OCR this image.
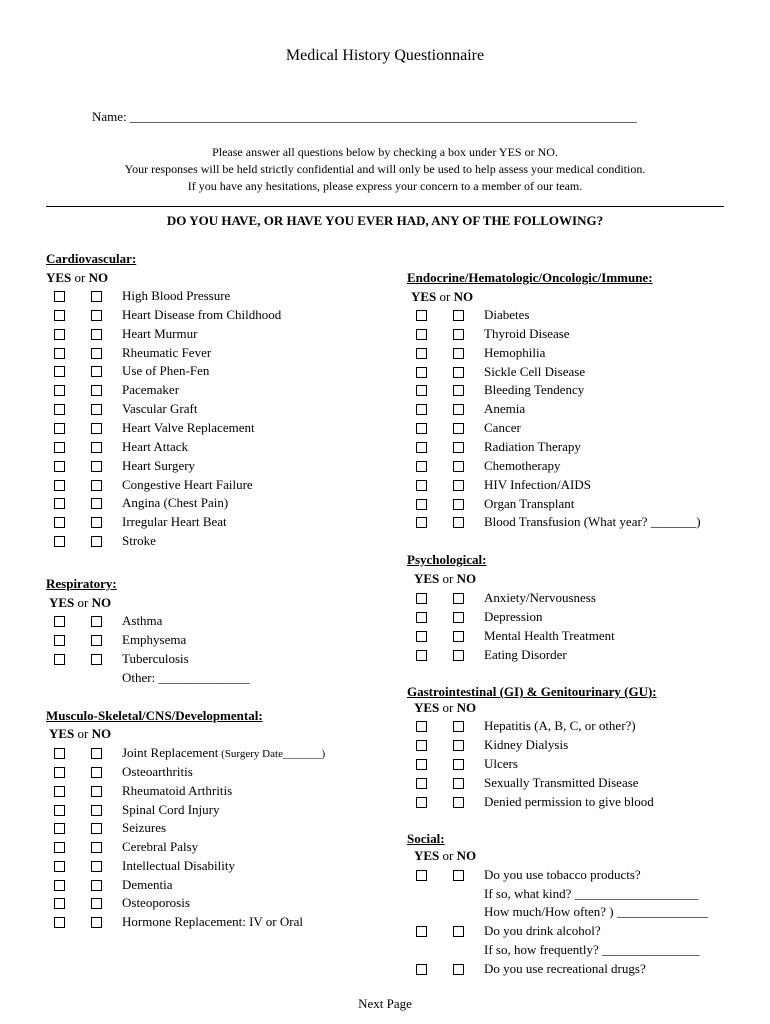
Medical History Questionnaire
Name: ______________________________________________________________________________
Please answer all questions below by checking a box under YES or NO.
Your responses will be held strictly confidential and will only be used to help assess your medical condition.
If you have any hesitations, please express your concern to a member of our team.
DO YOU HAVE, OR HAVE YOU EVER HAD, ANY OF THE FOLLOWING?
Cardiovascular:
YES or NO
High Blood Pressure
Heart Disease from Childhood
Heart Murmur
Rheumatic Fever
Use of Phen-Fen
Pacemaker
Vascular Graft
Heart Valve Replacement
Heart Attack
Heart Surgery
Congestive Heart Failure
Angina (Chest Pain)
Irregular Heart Beat
Stroke
Respiratory:
YES or NO
Asthma
Emphysema
Tuberculosis
Other: ______________
Musculo-Skeletal/CNS/Developmental:
YES or NO
Joint Replacement (Surgery Date_______)
Osteoarthritis
Rheumatoid Arthritis
Spinal Cord Injury
Seizures
Cerebral Palsy
Intellectual Disability
Dementia
Osteoporosis
Hormone Replacement: IV or Oral
Endocrine/Hematologic/Oncologic/Immune:
YES or NO
Diabetes
Thyroid Disease
Hemophilia
Sickle Cell Disease
Bleeding Tendency
Anemia
Cancer
Radiation Therapy
Chemotherapy
HIV Infection/AIDS
Organ Transplant
Blood Transfusion (What year? _______)
Psychological:
YES or NO
Anxiety/Nervousness
Depression
Mental Health Treatment
Eating Disorder
Gastrointestinal (GI) & Genitourinary (GU):
YES or NO
Hepatitis (A, B, C, or other?)
Kidney Dialysis
Ulcers
Sexually Transmitted Disease
Denied permission to give blood
Social:
YES or NO
Do you use tobacco products?
If so, what kind? ___________________
How much/How often? ) ______________
Do you drink alcohol?
If so, how frequently? _______________
Do you use recreational drugs?
Next Page
